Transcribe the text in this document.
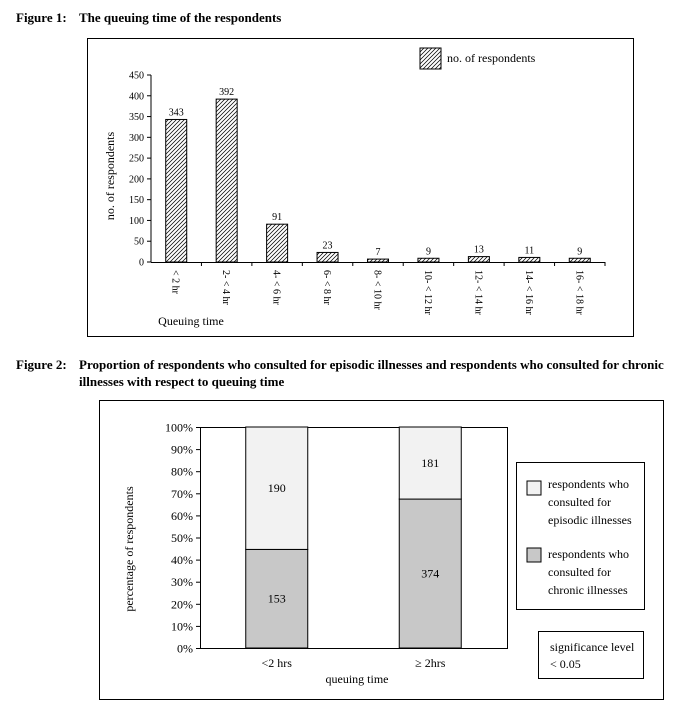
Figure 1: The queuing time of the respondents
Figure 2: Proportion of respondents who consulted for episodic illnesses and respondents who consulted for chronic illnesses with respect to queuing time
0
50
100
150
200
250
300
350
400
450
343
392
91
23
7	9	13	11	9
< 2 hr	2- < 4 hr	4- < 6 hr	6- < 8 hr	8- < 10 hr	10- < 12 hr	12- < 14 hr	14- < 16 hr	16- < 18 hr
no. of respondents
Queuing time
no. of respondents
0%
10%
20%
30%
40%
50%
60%
70%
80%
90%
100%
153
190
374
181
<2 hrs	≥ 2hrs
percentage of respondents
queuing time
respondents who
consulted for
episodic illnesses
respondents who
consulted for
chronic illnesses
significance level
< 0.05
